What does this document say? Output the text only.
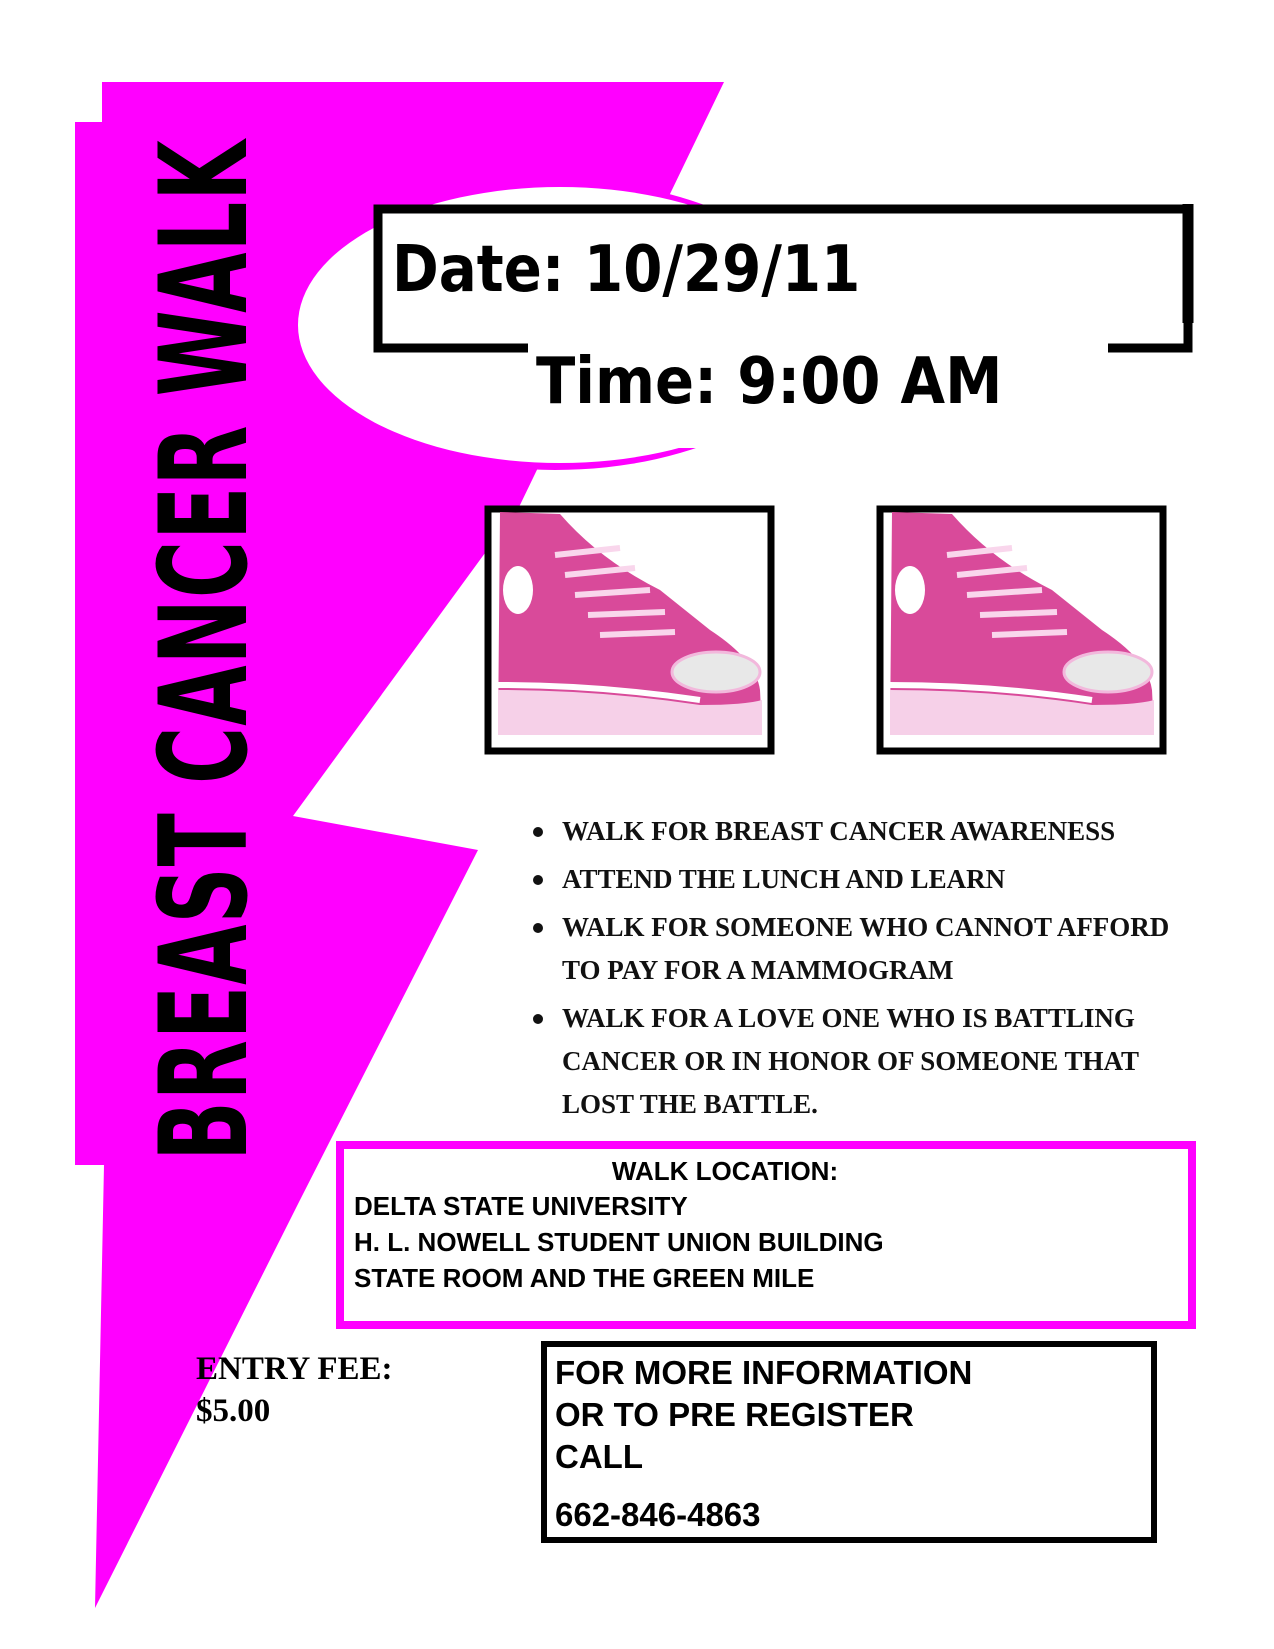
BREAST CANCER WALK Date: 10/29/11
Time: 9:00 AM
WALK FOR BREAST CANCER AWARENESS
ATTEND THE LUNCH AND LEARN
WALK FOR SOMEONE WHO CANNOT AFFORD TO PAY FOR A MAMMOGRAM
WALK FOR A LOVE ONE WHO IS BATTLING CANCER OR IN HONOR OF SOMEONE THAT LOST THE BATTLE.
WALK LOCATION:
DELTA STATE UNIVERSITY
H. L. NOWELL STUDENT UNION BUILDING
STATE ROOM AND THE GREEN MILE
ENTRY FEE:
$5.00
FOR MORE INFORMATION
OR TO PRE REGISTER
CALL
662-846-4863
